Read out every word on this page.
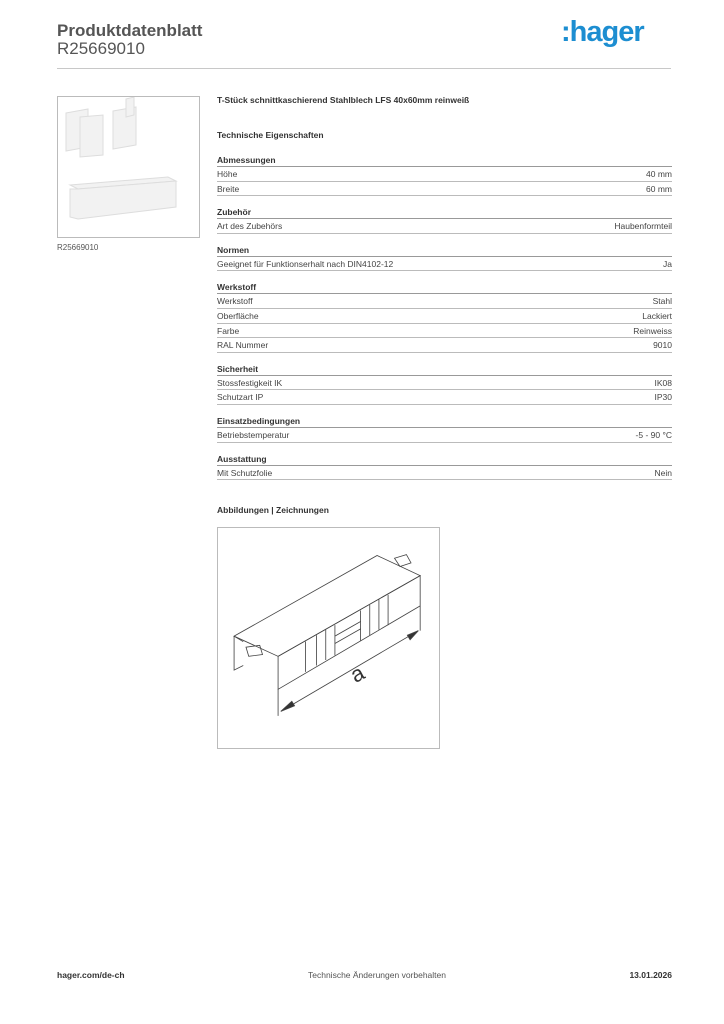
Produktdatenblatt
R25669010
:hager
R25669010
T-Stück schnittkaschierend Stahlblech LFS 40x60mm reinweiß
Technische Eigenschaften
Abmessungen
Höhe	40 mm
Breite	60 mm
Zubehör
Art des Zubehörs	Haubenformteil
Normen
Geeignet für Funktionserhalt nach DIN4102-12	Ja
Werkstoff
Werkstoff	Stahl
Oberfläche	Lackiert
Farbe	Reinweiss
RAL Nummer	9010
Sicherheit
Stossfestigkeit IK	IK08
Schutzart IP	IP30
Einsatzbedingungen
Betriebstemperatur	-5 - 90 °C
Ausstattung
Mit Schutzfolie	Nein
Abbildungen | Zeichnungen
a
hager.com/de-ch	Technische Änderungen vorbehalten	13.01.2026
